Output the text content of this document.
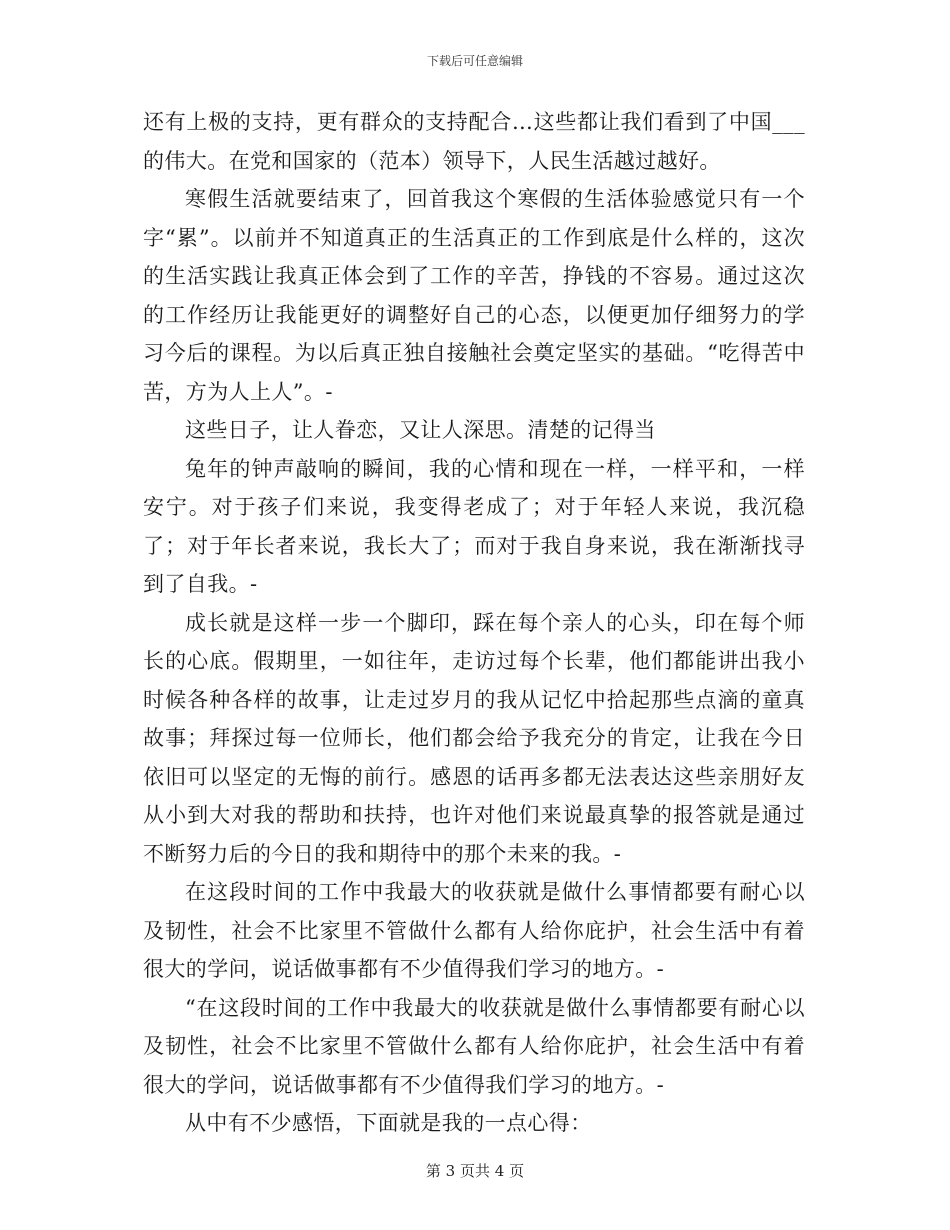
下载后可任意编辑

还有上极的支持，更有群众的支持配合…这些都让我们看到了中国___的伟大。在党和国家的（范本）领导下，人民生活越过越好。

寒假生活就要结束了，回首我这个寒假的生活体验感觉只有一个字“累”。以前并不知道真正的生活真正的工作到底是什么样的，这次的生活实践让我真正体会到了工作的辛苦，挣钱的不容易。通过这次的工作经历让我能更好的调整好自己的心态，以便更加仔细努力的学习今后的课程。为以后真正独自接触社会奠定坚实的基础。“吃得苦中苦，方为人上人”。-

这些日子，让人眷恋，又让人深思。清楚的记得当

兔年的钟声敲响的瞬间，我的心情和现在一样，一样平和，一样安宁。对于孩子们来说，我变得老成了；对于年轻人来说，我沉稳了；对于年长者来说，我长大了；而对于我自身来说，我在渐渐找寻到了自我。-

成长就是这样一步一个脚印，踩在每个亲人的心头，印在每个师长的心底。假期里，一如往年，走访过每个长辈，他们都能讲出我小时候各种各样的故事，让走过岁月的我从记忆中拾起那些点滴的童真故事；拜探过每一位师长，他们都会给予我充分的肯定，让我在今日依旧可以坚定的无悔的前行。感恩的话再多都无法表达这些亲朋好友从小到大对我的帮助和扶持，也许对他们来说最真挚的报答就是通过不断努力后的今日的我和期待中的那个未来的我。-

在这段时间的工作中我最大的收获就是做什么事情都要有耐心以及韧性，社会不比家里不管做什么都有人给你庇护，社会生活中有着很大的学问，说话做事都有不少值得我们学习的地方。-

“在这段时间的工作中我最大的收获就是做什么事情都要有耐心以及韧性，社会不比家里不管做什么都有人给你庇护，社会生活中有着很大的学问，说话做事都有不少值得我们学习的地方。-

从中有不少感悟，下面就是我的一点心得：

第 3 页共 4 页
